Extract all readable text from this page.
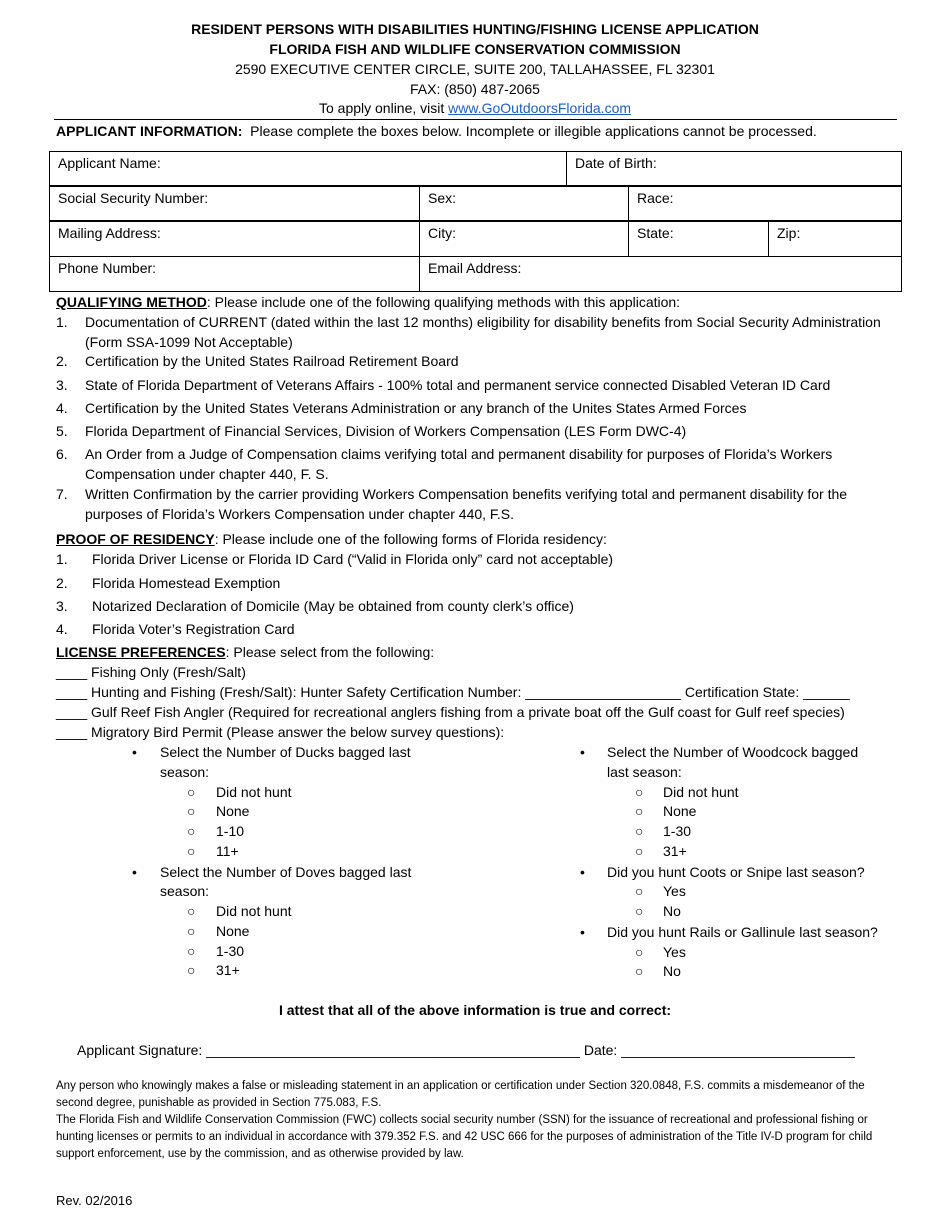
RESIDENT PERSONS WITH DISABILITIES HUNTING/FISHING LICENSE APPLICATION
FLORIDA FISH AND WILDLIFE CONSERVATION COMMISSION
2590 EXECUTIVE CENTER CIRCLE, SUITE 200, TALLAHASSEE, FL 32301
FAX: (850) 487-2065
To apply online, visit www.GoOutdoorsFlorida.com
APPLICANT INFORMATION: Please complete the boxes below. Incomplete or illegible applications cannot be processed.
Applicant Name:	Date of Birth:
Social Security Number:	Sex:	Race:
Mailing Address:	City:	State:	Zip:
Phone Number:	Email Address:
QUALIFYING METHOD: Please include one of the following qualifying methods with this application:
1. Documentation of CURRENT (dated within the last 12 months) eligibility for disability benefits from Social Security Administration (Form SSA-1099 Not Acceptable)
2. Certification by the United States Railroad Retirement Board
3. State of Florida Department of Veterans Affairs - 100% total and permanent service connected Disabled Veteran ID Card
4. Certification by the United States Veterans Administration or any branch of the Unites States Armed Forces
5. Florida Department of Financial Services, Division of Workers Compensation (LES Form DWC-4)
6. An Order from a Judge of Compensation claims verifying total and permanent disability for purposes of Florida’s Workers Compensation under chapter 440, F. S.
7. Written Confirmation by the carrier providing Workers Compensation benefits verifying total and permanent disability for the purposes of Florida’s Workers Compensation under chapter 440, F.S.
PROOF OF RESIDENCY: Please include one of the following forms of Florida residency:
1. Florida Driver License or Florida ID Card (“Valid in Florida only” card not acceptable)
2. Florida Homestead Exemption
3. Notarized Declaration of Domicile (May be obtained from county clerk’s office)
4. Florida Voter’s Registration Card
LICENSE PREFERENCES: Please select from the following:
____ Fishing Only (Fresh/Salt)
____ Hunting and Fishing (Fresh/Salt): Hunter Safety Certification Number: ____________________ Certification State: ______
____ Gulf Reef Fish Angler (Required for recreational anglers fishing from a private boat off the Gulf coast for Gulf reef species)
____ Migratory Bird Permit (Please answer the below survey questions):
• Select the Number of Ducks bagged last
season:
○ Did not hunt
○ None
○ 1-10
○ 11+
• Select the Number of Doves bagged last
season:
○ Did not hunt
○ None
○ 1-30
○ 31+
• Select the Number of Woodcock bagged
last season:
○ Did not hunt
○ None
○ 1-30
○ 31+
• Did you hunt Coots or Snipe last season?
○ Yes
○ No
• Did you hunt Rails or Gallinule last season?
○ Yes
○ No
I attest that all of the above information is true and correct:
Applicant Signature: ________________________________________________ Date: ______________________________
Any person who knowingly makes a false or misleading statement in an application or certification under Section 320.0848, F.S. commits a misdemeanor of the second degree, punishable as provided in Section 775.083, F.S.
The Florida Fish and Wildlife Conservation Commission (FWC) collects social security number (SSN) for the issuance of recreational and professional fishing or hunting licenses or permits to an individual in accordance with 379.352 F.S. and 42 USC 666 for the purposes of administration of the Title IV-D program for child support enforcement, use by the commission, and as otherwise provided by law.
Rev. 02/2016
